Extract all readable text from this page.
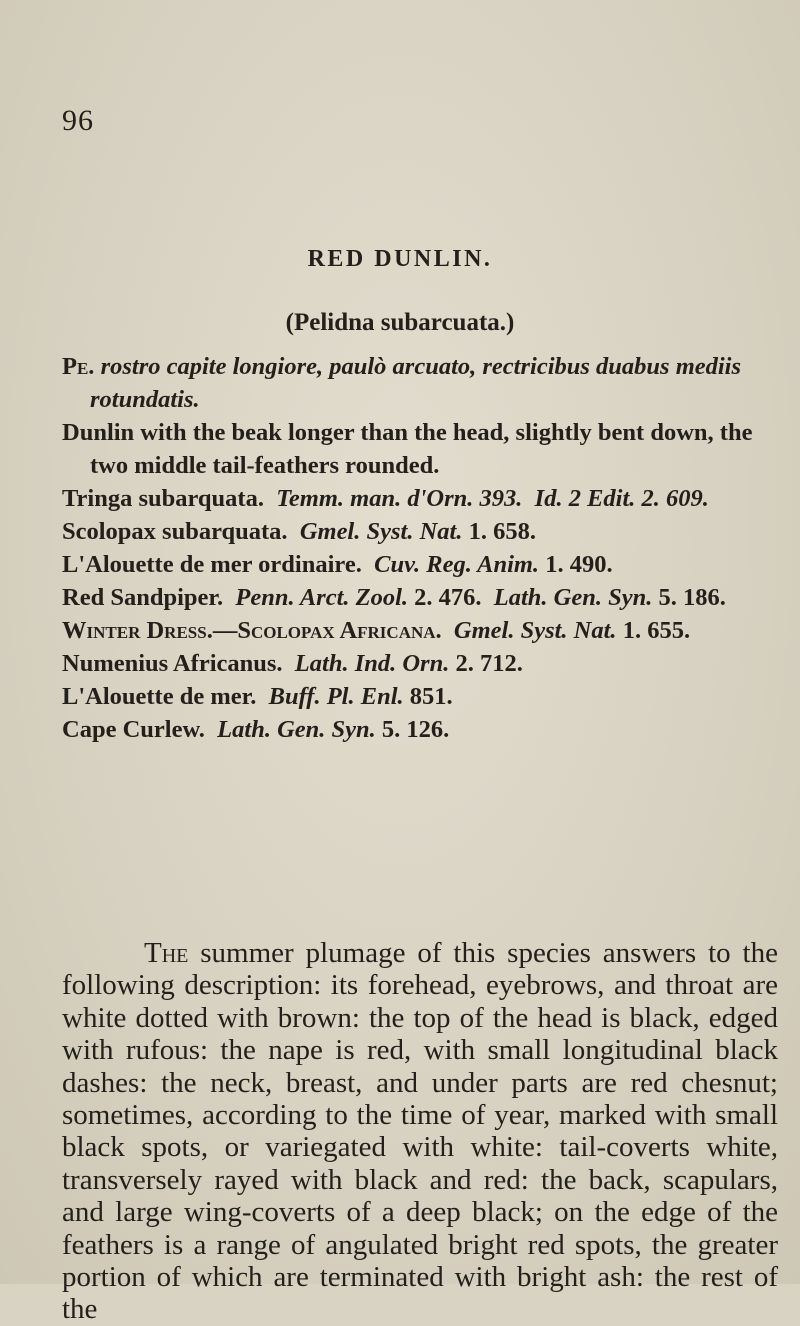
96
RED DUNLIN.
(Pelidna subarcuata.)

Pe. rostro capite longiore, paulò arcuato, rectricibus duabus mediis rotundatis.

Dunlin with the beak longer than the head, slightly bent down, the two middle tail-feathers rounded.

Tringa subarquata. Temm. man. d'Orn. 393. Id. 2 Edit. 2. 609.

Scolopax subarquata. Gmel. Syst. Nat. 1. 658.

L'Alouette de mer ordinaire. Cuv. Reg. Anim. 1. 490.

Red Sandpiper. Penn. Arct. Zool. 2. 476. Lath. Gen. Syn. 5. 186.

Winter Dress.—Scolopax Africana. Gmel. Syst. Nat. 1. 655.

Numenius Africanus. Lath. Ind. Orn. 2. 712.

L'Alouette de mer. Buff. Pl. Enl. 851.

Cape Curlew. Lath. Gen. Syn. 5. 126.

The summer plumage of this species answers to the following description: its forehead, eyebrows, and throat are white dotted with brown: the top of the head is black, edged with rufous: the nape is red, with small longitudinal black dashes: the neck, breast, and under parts are red chesnut; sometimes, according to the time of year, marked with small black spots, or variegated with white: tail-coverts white, transversely rayed with black and red: the back, scapulars, and large wing-coverts of a deep black; on the edge of the feathers is a range of angulated bright red spots, the greater portion of which are terminated with bright ash: the rest of the
